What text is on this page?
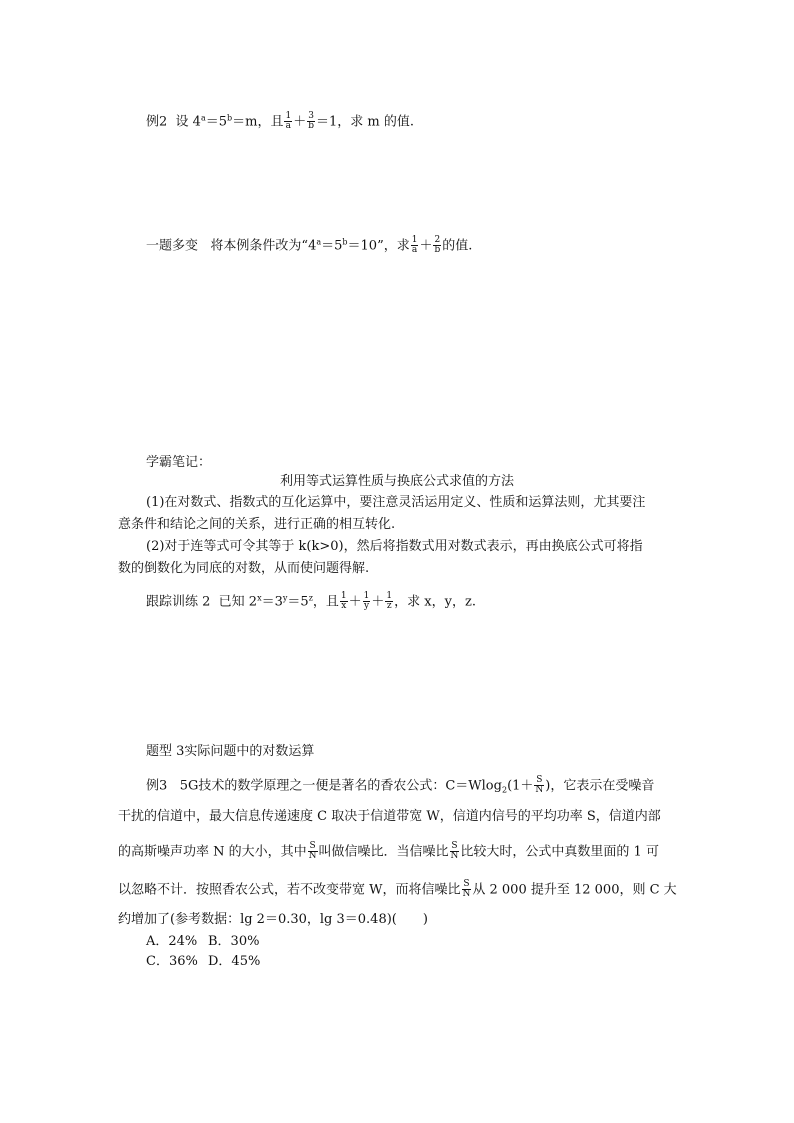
例2 设 $4^a=5^b=m$，且 $\frac{1}{a} + \frac{3}{b} =1$，求 m 的值.
一题多变 将本例条件改为“$4^a=5^b=10$”，求 $\frac{1}{a} + \frac{2}{b}$ 的值.
学霸笔记：
利用等式运算性质与换底公式求值的方法
(1)在对数式、指数式的互化运算中，要注意灵活运用定义、性质和运算法则，尤其要注
意条件和结论之间的关系，进行正确的相互转化.
(2)对于连等式可令其等于 k(k>0)，然后将指数式用对数式表示，再由换底公式可将指
数的倒数化为同底的对数，从而使问题得解.
跟踪训练 2 已知 $2^x=3^y=5^z$，且 $\frac{1}{x} + \frac{1}{y} + \frac{1}{z}$ ，求 x，y，z.
题型 3实际问题中的对数运算
例3 5G技术的数学原理之一便是著名的香农公式：$C=Wlog_2(1+ \frac{S}{N}$ )，它表示在受噪音
干扰的信道中，最大信息传递速度 C 取决于信道带宽 W，信道内信号的平均功率 S，信道内部
的高斯噪声功率 N 的大小，其中 $\frac{S}{N}$ 叫做信噪比．当信噪比 $\frac{S}{N}$ 比较大时，公式中真数里面的 1 可
以忽略不计．按照香农公式，若不改变带宽 W，而将信噪比 $\frac{S}{N}$ 从 2 000 提升至 12 000，则 C 大
约增加了(参考数据：lg 2＝0.30，lg 3＝0.48)(　　)
A．24% B．30%
C．36% D．45%
